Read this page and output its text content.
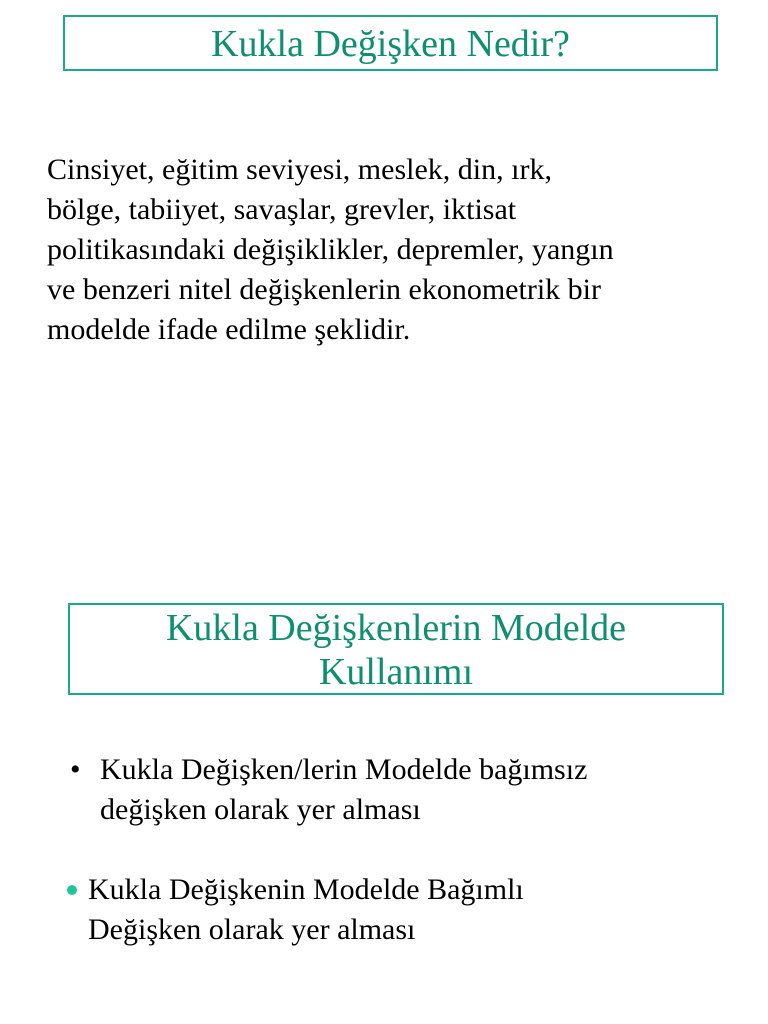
Kukla Değişken Nedir?
Cinsiyet, eğitim seviyesi, meslek, din, ırk,
bölge, tabiiyet, savaşlar, grevler, iktisat
politikasındaki değişiklikler, depremler, yangın
ve benzeri nitel değişkenlerin ekonometrik bir
modelde ifade edilme şeklidir.
Kukla Değişkenlerin Modelde
Kullanımı
• Kukla Değişken/lerin Modelde bağımsız
değişken olarak yer alması
Kukla Değişkenin Modelde Bağımlı
Değişken olarak yer alması
